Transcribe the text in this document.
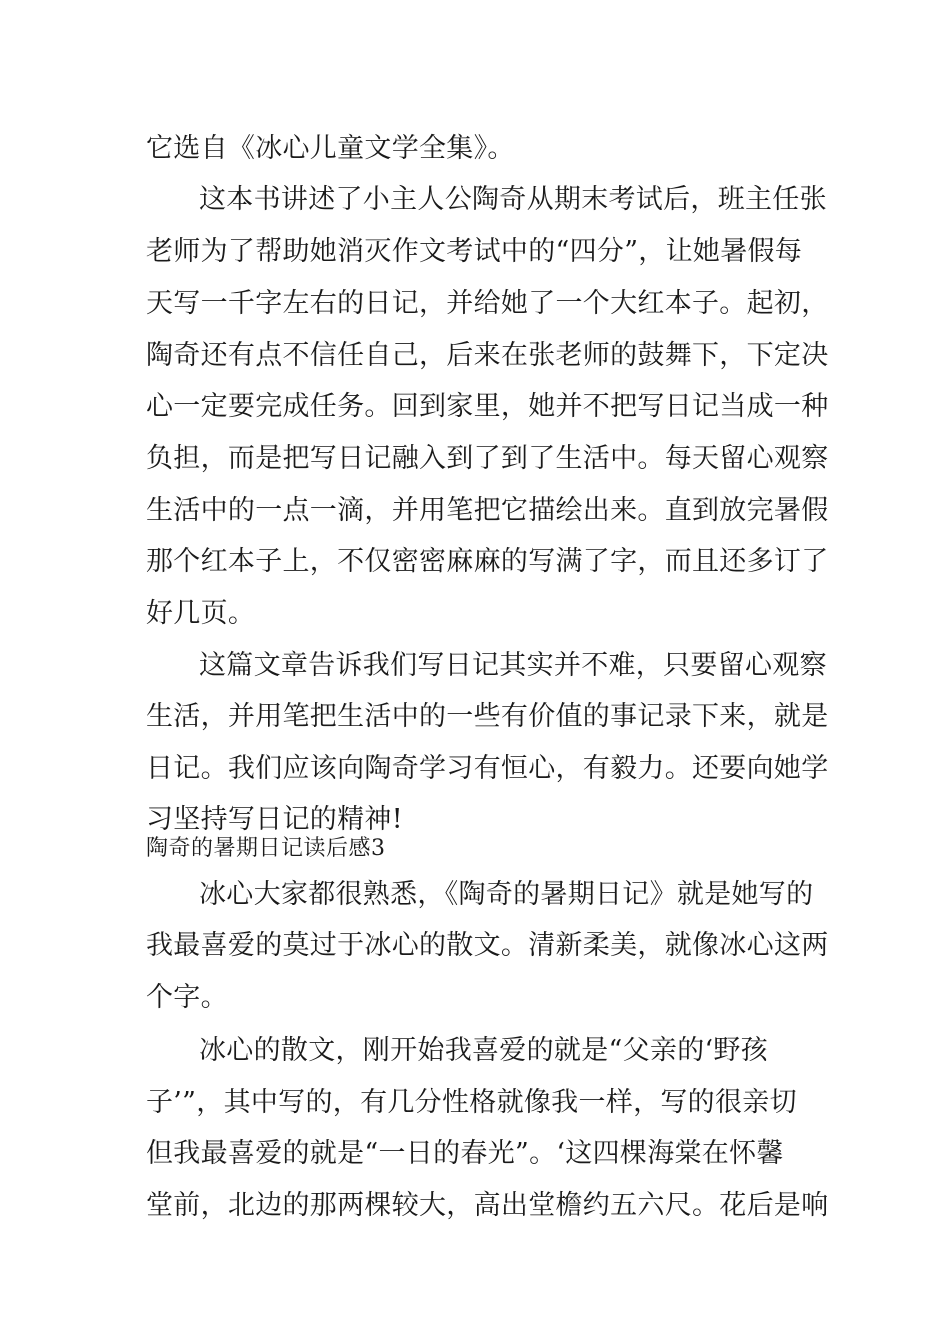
它选自《冰心儿童文学全集》。
这本书讲述了小主人公陶奇从期末考试后，班主任张
老师为了帮助她消灭作文考试中的“四分”，让她暑假每
天写一千字左右的日记，并给她了一个大红本子。起初，
陶奇还有点不信任自己，后来在张老师的鼓舞下，下定决
心一定要完成任务。回到家里，她并不把写日记当成一种
负担，而是把写日记融入到了到了生活中。每天留心观察
生活中的一点一滴，并用笔把它描绘出来。直到放完暑假
那个红本子上，不仅密密麻麻的写满了字，而且还多订了
好几页。
这篇文章告诉我们写日记其实并不难，只要留心观察
生活，并用笔把生活中的一些有价值的事记录下来，就是
日记。我们应该向陶奇学习有恒心，有毅力。还要向她学
习坚持写日记的精神!
陶奇的暑期日记读后感3
冰心大家都很熟悉，《陶奇的暑期日记》就是她写的
我最喜爱的莫过于冰心的散文。清新柔美，就像冰心这两
个字。
冰心的散文，刚开始我喜爱的就是“父亲的‘野孩
子’”，其中写的，有几分性格就像我一样，写的很亲切
但我最喜爱的就是“一日的春光”。‘这四棵海棠在怀馨
堂前，北边的那两棵较大，高出堂檐约五六尺。花后是响
